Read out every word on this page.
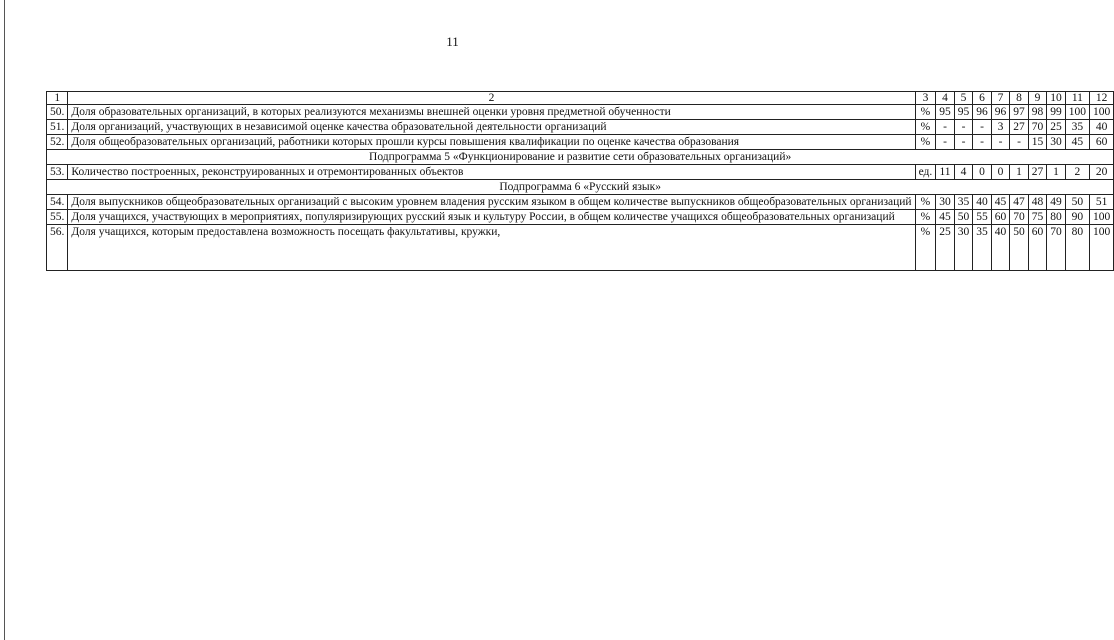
11
1	2	3	4	5	6	7	8	9	10	11	12
50.	Доля образовательных организаций, в которых реализуются механизмы внешней оценки уровня предметной обученности	%	95	95	96	96	97	98	99	100	100
51.	Доля организаций, участвующих в независимой оценке качества образовательной деятельности организаций	%	-	-	-	3	27	70	25	35	40
52.	Доля общеобразовательных организаций, работники которых прошли курсы повышения квалификации по оценке качества образования	%	-	-	-	-	-	15	30	45	60
Подпрограмма 5 «Функционирование и развитие сети образовательных организаций»											
53.	Количество построенных, реконструированных и отремонтированных объектов	ед.	11	4	0	0	1	27	1	2	20
Подпрограмма 6 «Русский язык»											
54.	Доля выпускников общеобразовательных организаций с высоким уровнем владения русским языком в общем количестве выпускников общеобразовательных организаций	%	30	35	40	45	47	48	49	50	51
55.	Доля учащихся, участвующих в мероприятиях, популяризирующих русский язык и культуру России, в общем количестве учащихся общеобразовательных организаций	%	45	50	55	60	70	75	80	90	100
56.	Доля учащихся, которым предоставлена возможность посещать факультативы, кружки,	%	25	30	35	40	50	60	70	80	100
